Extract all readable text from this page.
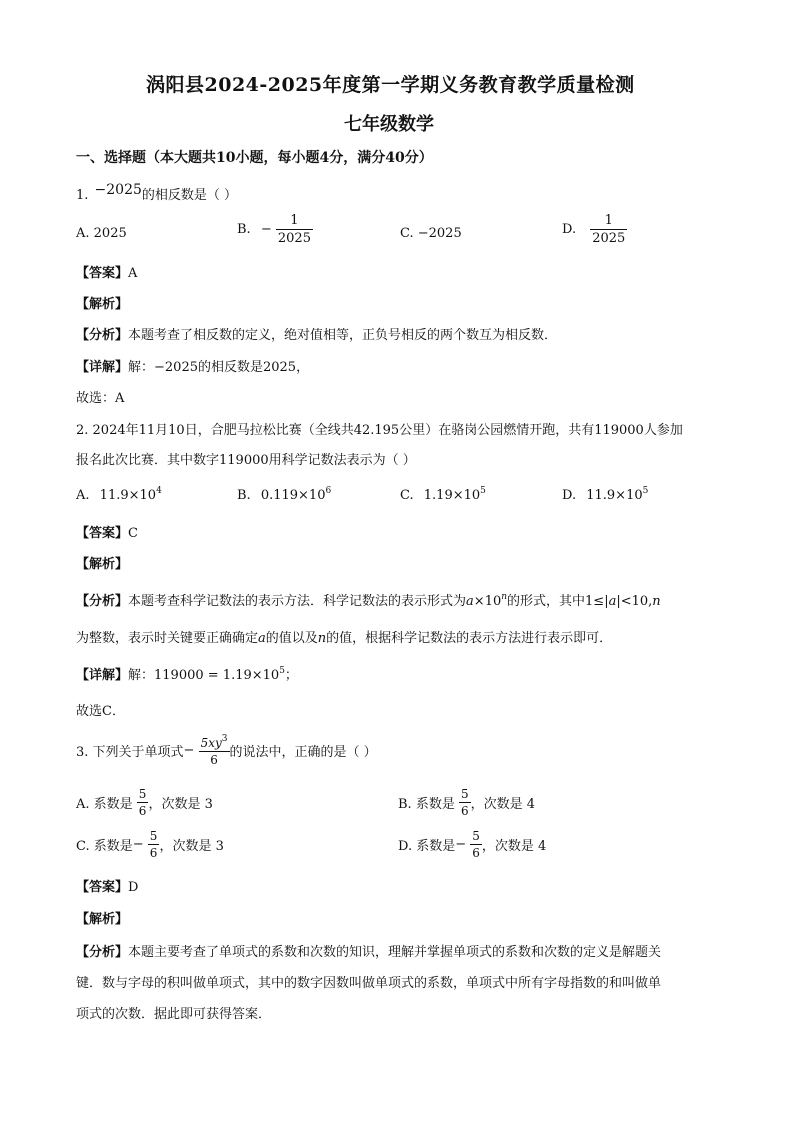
涡阳县2024-2025年度第一学期义务教育教学质量检测
七年级数学
一、选择题（本大题共10小题，每小题4分，满分40分）
1. −2025的相反数是（ ）
A. 2025	B. − $\frac{1}{2025}$	C. −2025	D. $\frac{1}{2025}$
【答案】A
【解析】
【分析】本题考查了相反数的定义，绝对值相等，正负号相反的两个数互为相反数．
【详解】解：−2025的相反数是2025，
故选：A
2. 2024年11月10日，合肥马拉松比赛（全线共42.195公里）在骆岗公园燃情开跑，共有119000人参加
报名此次比赛．其中数字119000用科学记数法表示为（ ）
A. $11.9\times 10^4$	B. $0.119\times 10^6$	C. $1.19\times 10^5$	D. $11.9\times 10^5$
【答案】C
【解析】
【分析】本题考查科学记数法的表示方法．科学记数法的表示形式为$a\times 10^n$的形式，其中1≤|a|<10,n
为整数，表示时关键要正确确定a的值以及n的值，根据科学记数法的表示方法进行表示即可．
【详解】解：$119000 = 1.19\times 10^5$；
故选C．
3. 下列关于单项式− $\frac{5xy^3}{6}$ 的说法中，正确的是（ ）
A. 系数是 $\frac{5}{6}$ ，次数是 3	B. 系数是 $\frac{5}{6}$ ，次数是 4
C. 系数是− $\frac{5}{6}$ ，次数是 3	D. 系数是− $\frac{5}{6}$ ，次数是 4
【答案】D
【解析】
【分析】本题主要考查了单项式的系数和次数的知识，理解并掌握单项式的系数和次数的定义是解题关
键．数与字母的积叫做单项式，其中的数字因数叫做单项式的系数，单项式中所有字母指数的和叫做单
项式的次数．据此即可获得答案．
